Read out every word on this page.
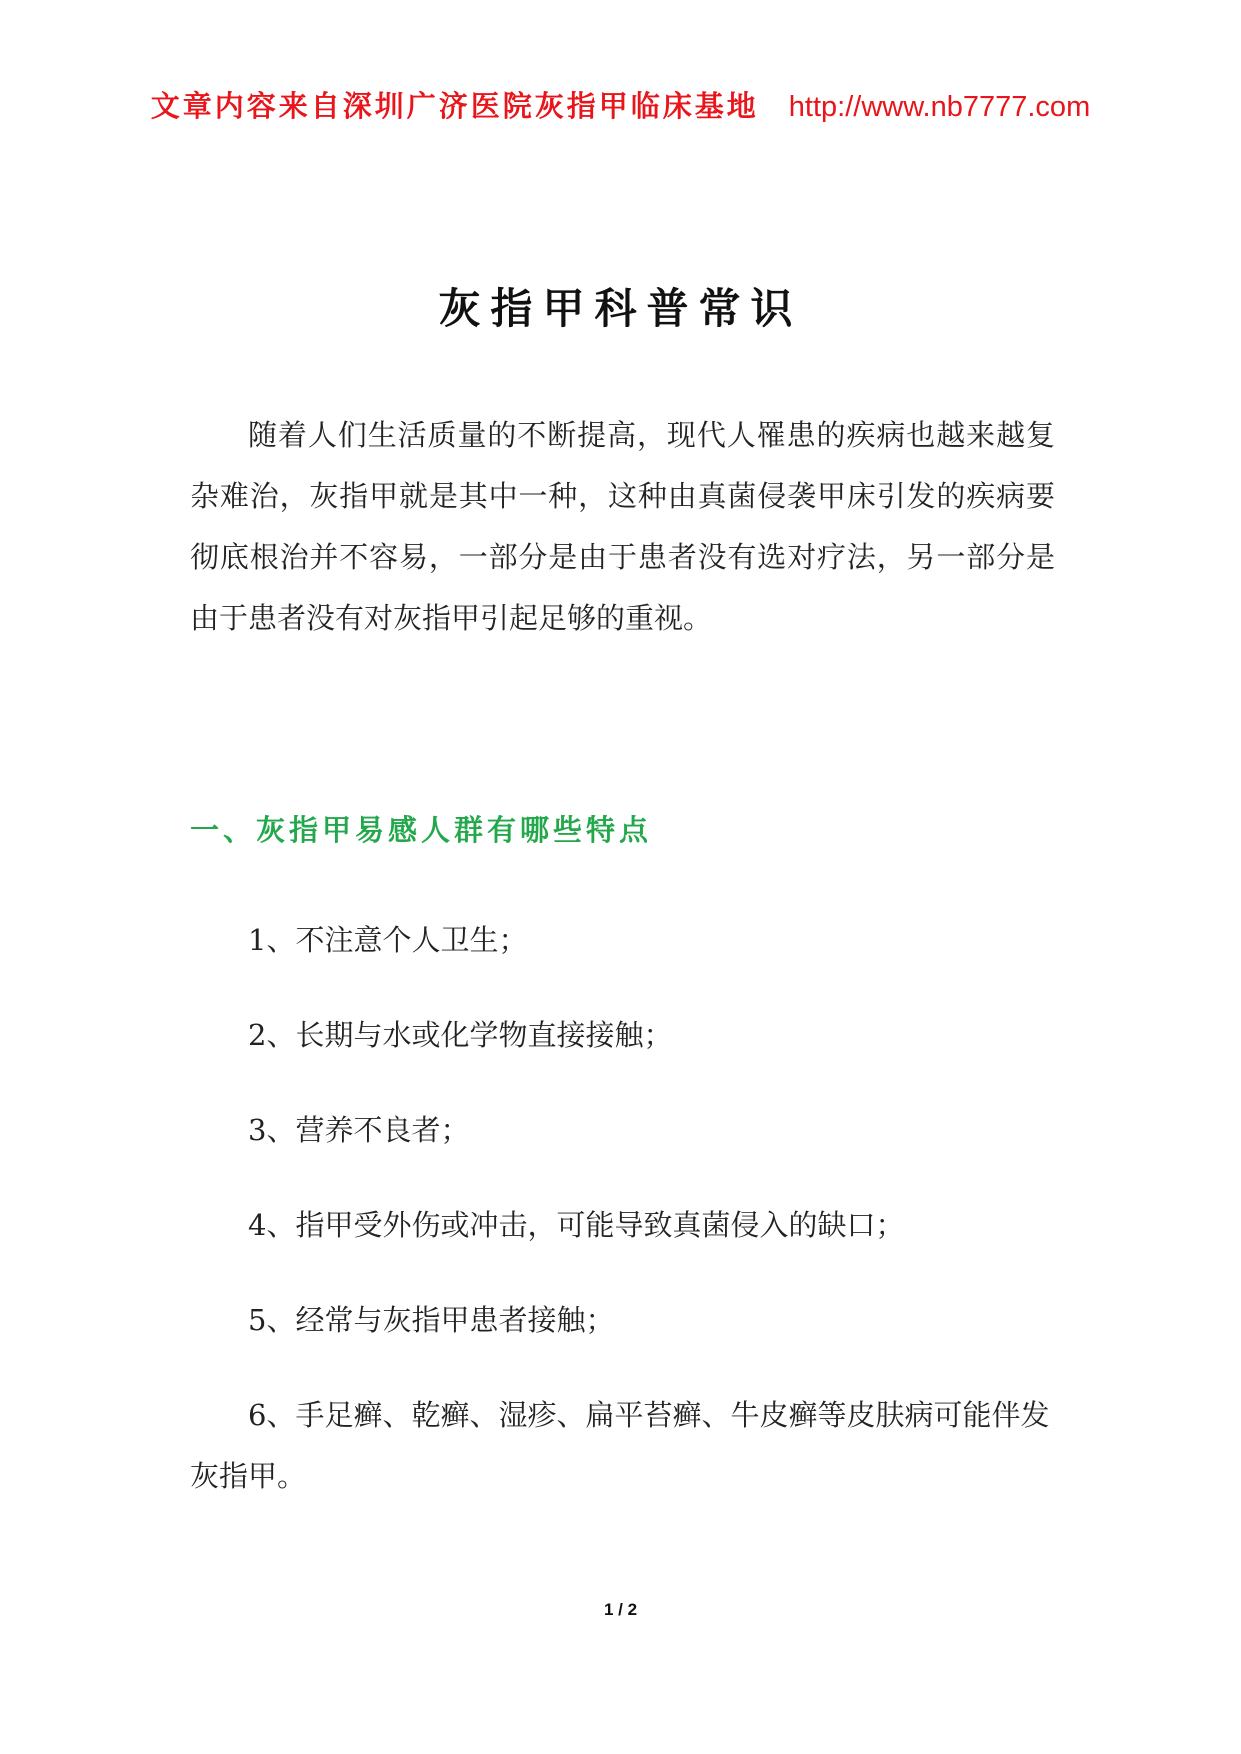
文章内容来自深圳广济医院灰指甲临床基地 http://www.nb7777.com
灰指甲科普常识

随着人们生活质量的不断提高，现代人罹患的疾病也越来越复杂难治，灰指甲就是其中一种，这种由真菌侵袭甲床引发的疾病要彻底根治并不容易，一部分是由于患者没有选对疗法，另一部分是由于患者没有对灰指甲引起足够的重视。

一、灰指甲易感人群有哪些特点

1、不注意个人卫生；

2、长期与水或化学物直接接触；

3、营养不良者；

4、指甲受外伤或冲击，可能导致真菌侵入的缺口；

5、经常与灰指甲患者接触；

6、手足癣、乾癣、湿疹、扁平苔癣、牛皮癣等皮肤病可能伴发灰指甲。

1 / 2
